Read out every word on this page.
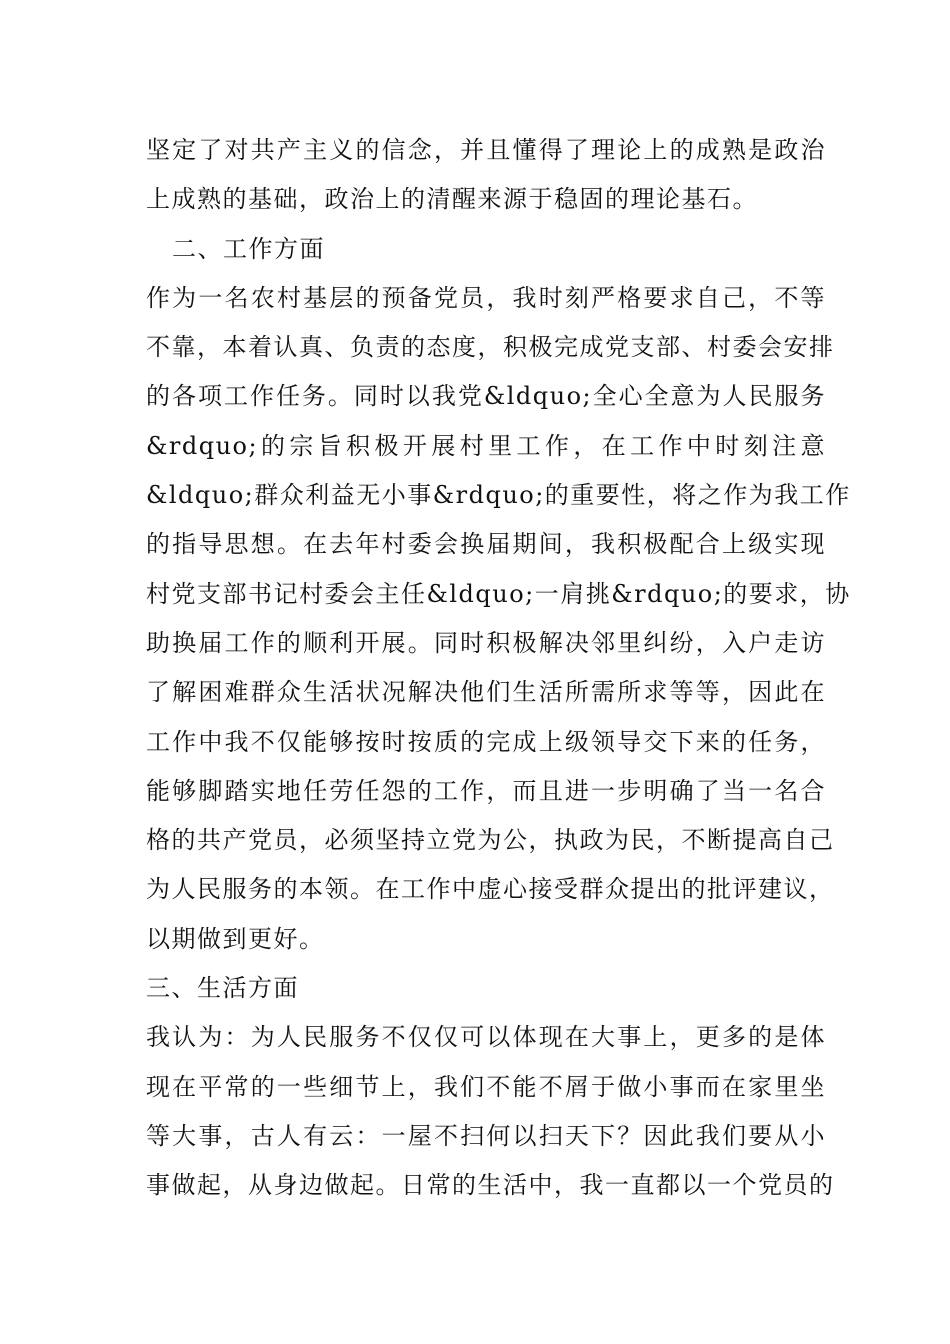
坚定了对共产主义的信念，并且懂得了理论上的成熟是政治
上成熟的基础，政治上的清醒来源于稳固的理论基石。
二、工作方面
作为一名农村基层的预备党员，我时刻严格要求自己，不等
不靠，本着认真、负责的态度，积极完成党支部、村委会安排
的各项工作任务。同时以我党&ldquo;全心全意为人民服务
&rdquo;的宗旨积极开展村里工作，在工作中时刻注意
&ldquo;群众利益无小事&rdquo;的重要性，将之作为我工作
的指导思想。在去年村委会换届期间，我积极配合上级实现
村党支部书记村委会主任&ldquo;一肩挑&rdquo;的要求，协
助换届工作的顺利开展。同时积极解决邻里纠纷，入户走访
了解困难群众生活状况解决他们生活所需所求等等，因此在
工作中我不仅能够按时按质的完成上级领导交下来的任务，
能够脚踏实地任劳任怨的工作，而且进一步明确了当一名合
格的共产党员，必须坚持立党为公，执政为民，不断提高自己
为人民服务的本领。在工作中虚心接受群众提出的批评建议，
以期做到更好。
三、生活方面
我认为：为人民服务不仅仅可以体现在大事上，更多的是体
现在平常的一些细节上，我们不能不屑于做小事而在家里坐
等大事，古人有云：一屋不扫何以扫天下？因此我们要从小
事做起，从身边做起。日常的生活中，我一直都以一个党员的
